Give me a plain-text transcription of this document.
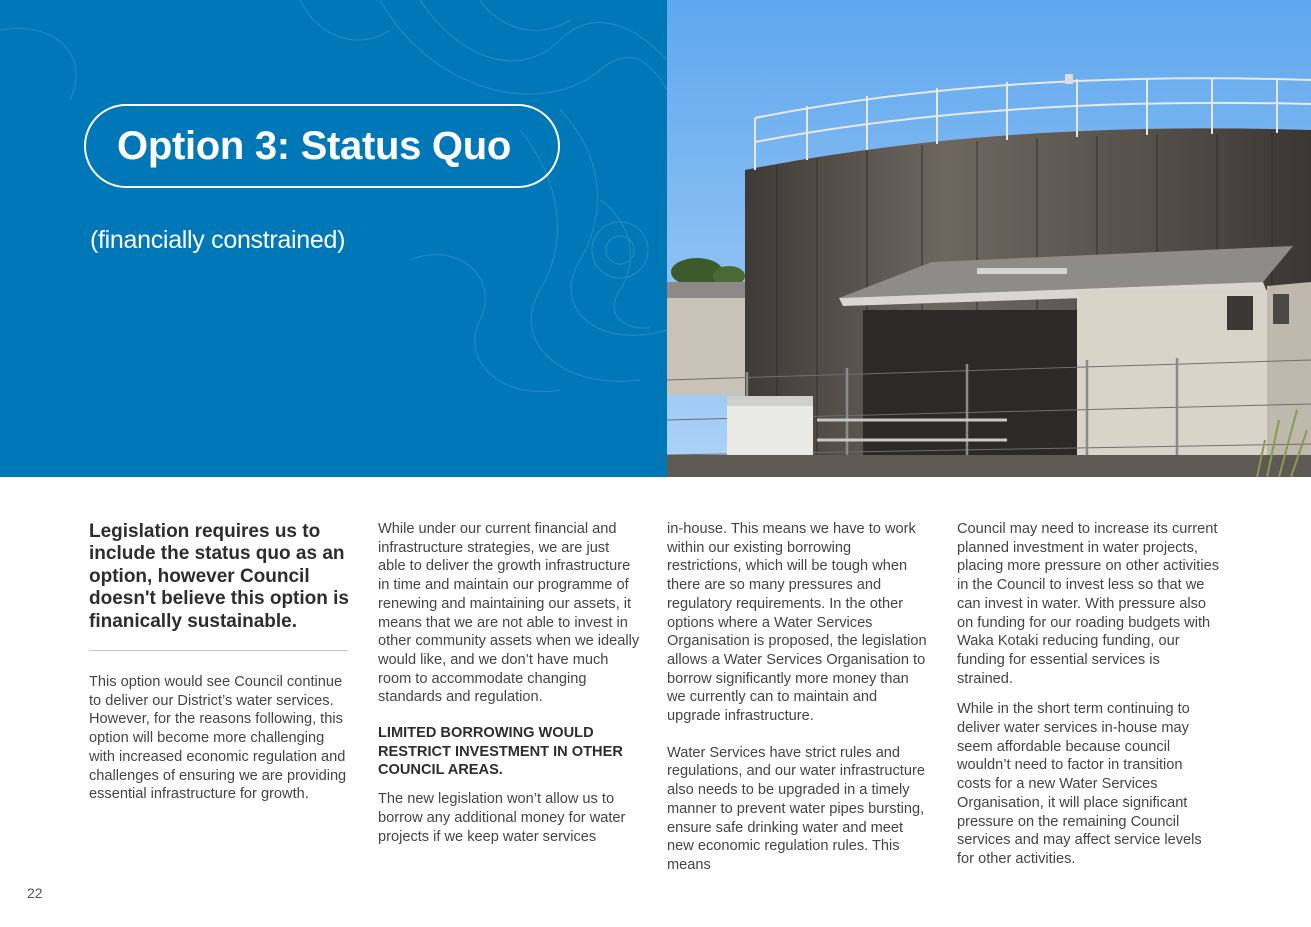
Option 3: Status Quo
(financially constrained)
Legislation requires us to include the status quo as an option, however Council doesn't believe this option is finanically sustainable.

This option would see Council continue to deliver our District’s water services. However, for the reasons following, this option will become more challenging with increased economic regulation and challenges of ensuring we are providing essential infrastructure for growth.

While under our current financial and infrastructure strategies, we are just able to deliver the growth infrastructure in time and maintain our programme of renewing and maintaining our assets, it means that we are not able to invest in other community assets when we ideally would like, and we don’t have much room to accommodate changing standards and regulation.

LIMITED BORROWING WOULD RESTRICT INVESTMENT IN OTHER COUNCIL AREAS.

The new legislation won’t allow us to borrow any additional money for water projects if we keep water services

in-house. This means we have to work within our existing borrowing restrictions, which will be tough when there are so many pressures and regulatory requirements. In the other options where a Water Services Organisation is proposed, the legislation allows a Water Services Organisation to borrow significantly more money than we currently can to maintain and upgrade infrastructure.

Water Services have strict rules and regulations, and our water infrastructure also needs to be upgraded in a timely manner to prevent water pipes bursting, ensure safe drinking water and meet new economic regulation rules. This means

Council may need to increase its current planned investment in water projects, placing more pressure on other activities in the Council to invest less so that we can invest in water. With pressure also on funding for our roading budgets with Waka Kotaki reducing funding, our funding for essential services is strained.

While in the short term continuing to deliver water services in-house may seem affordable because council wouldn’t need to factor in transition costs for a new Water Services Organisation, it will place significant pressure on the remaining Council services and may affect service levels for other activities.

22
